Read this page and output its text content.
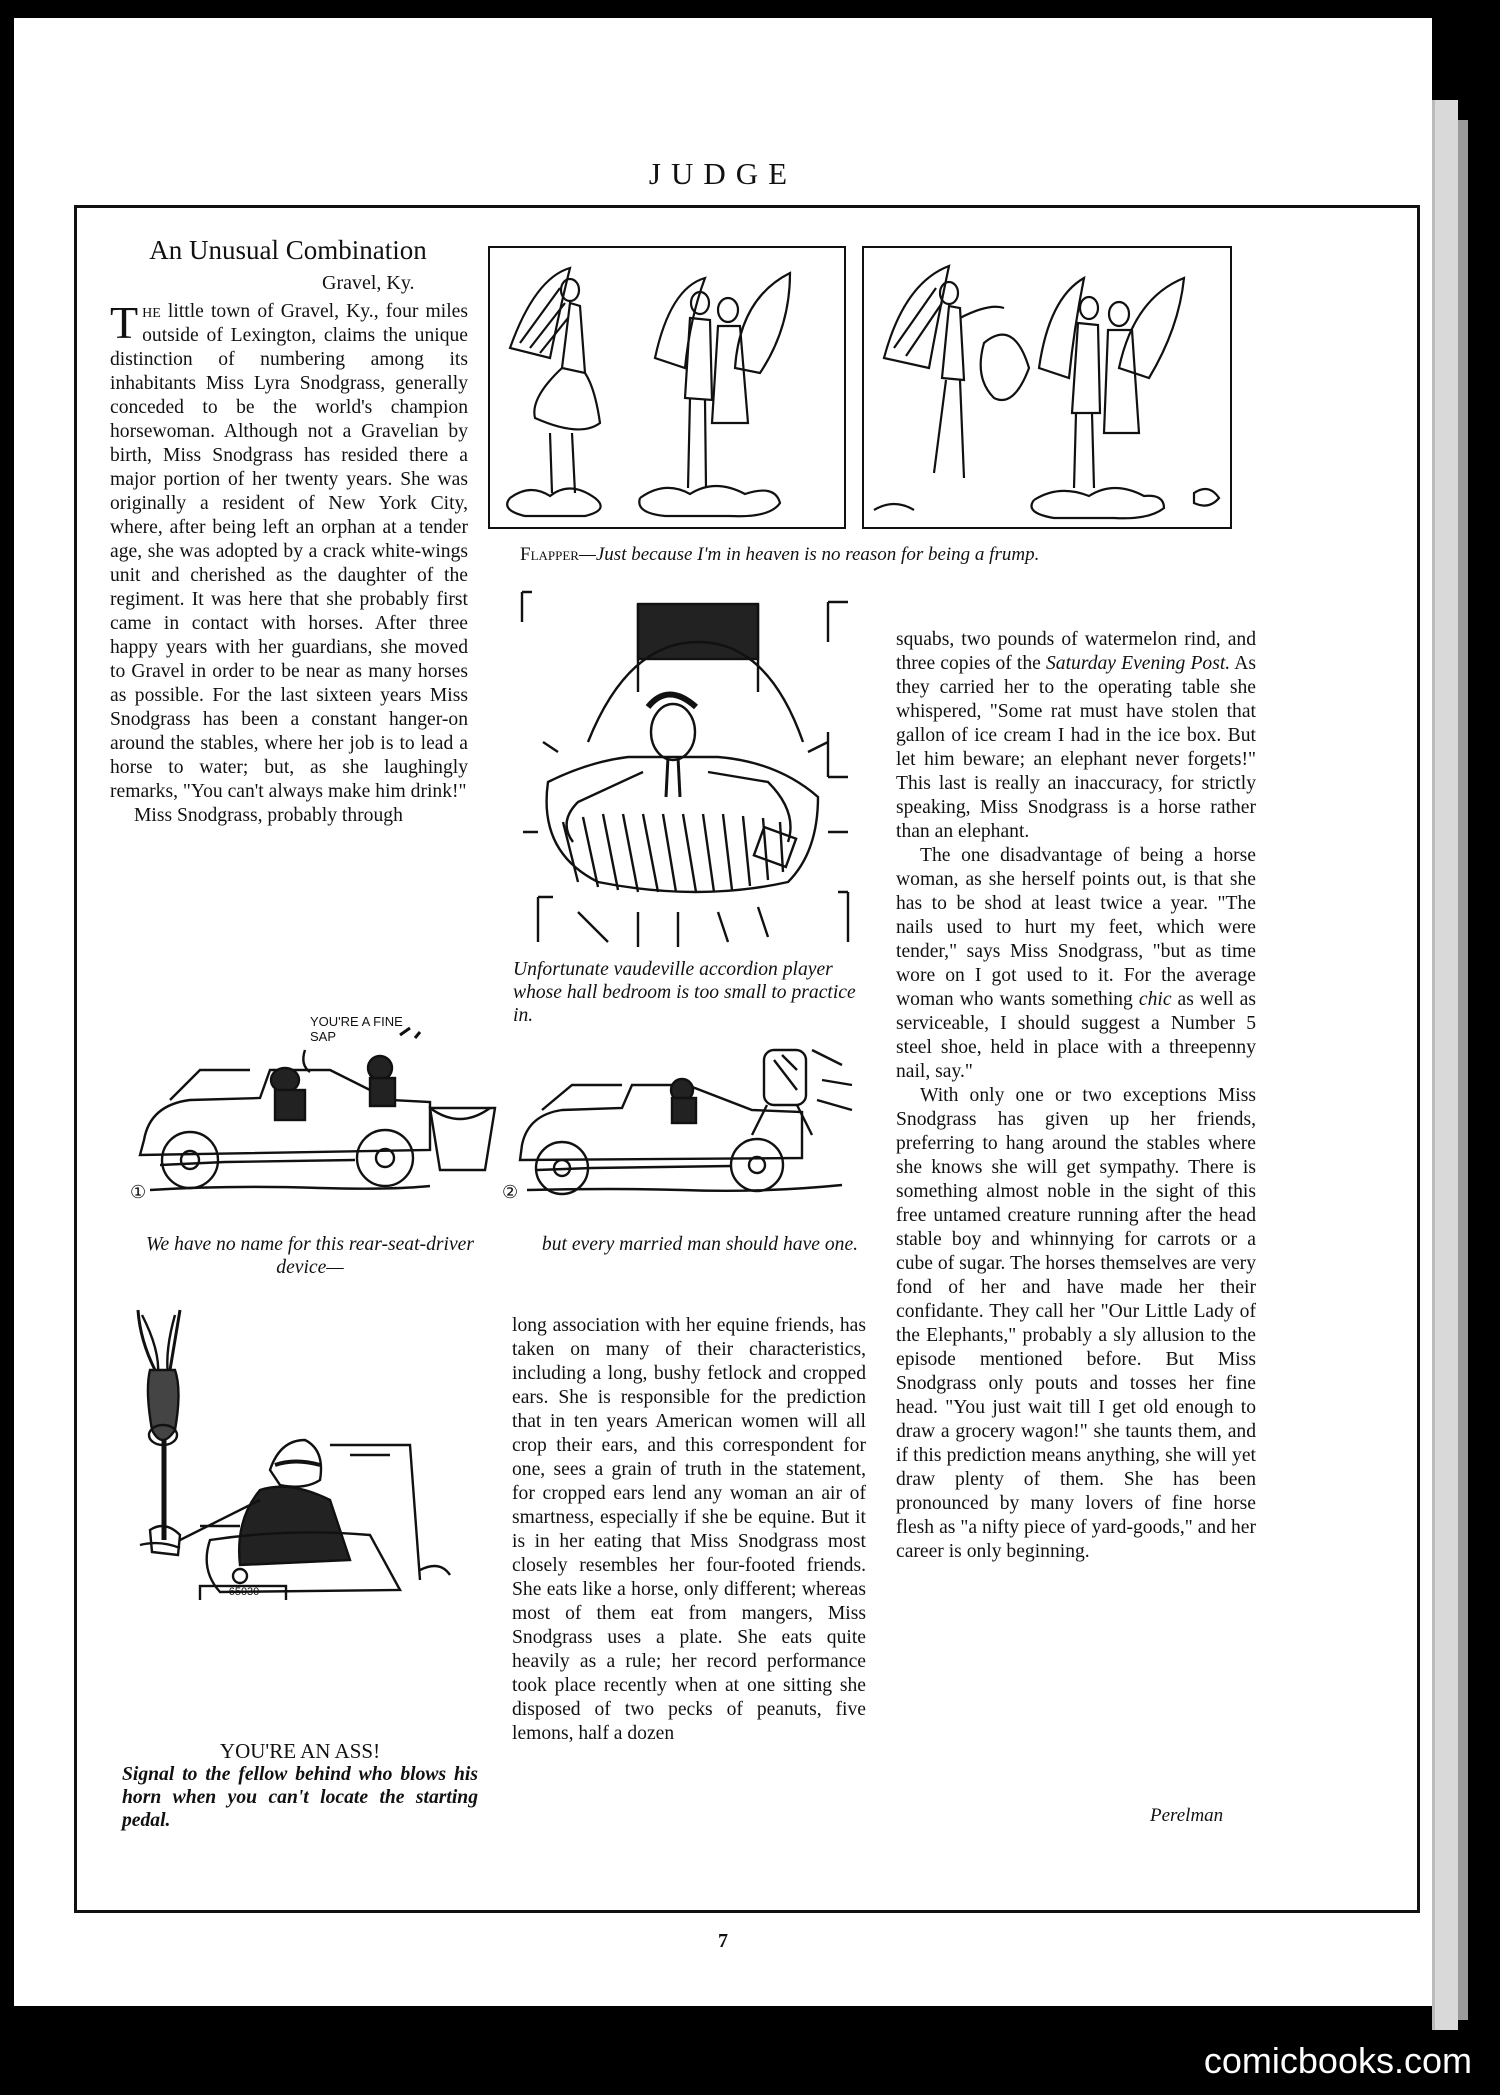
JUDGE
7
An Unusual Combination
Gravel, Ky.

The little town of Gravel, Ky., four miles outside of Lexington, claims the unique distinction of numbering among its inhabitants Miss Lyra Snodgrass, generally conceded to be the world's champion horsewoman. Although not a Gravelian by birth, Miss Snodgrass has resided there a major portion of her twenty years. She was originally a resident of New York City, where, after being left an orphan at a tender age, she was adopted by a crack white-wings unit and cherished as the daughter of the regiment. It was here that she probably first came in contact with horses. After three happy years with her guardians, she moved to Gravel in order to be near as many horses as possible. For the last sixteen years Miss Snodgrass has been a constant hanger-on around the stables, where her job is to lead a horse to water; but, as she laughingly remarks, "You can't always make him drink!"

Miss Snodgrass, probably through

Flapper—Just because I'm in heaven is no reason for being a frump.
Unfortunate vaudeville accordion player whose hall bedroom is too small to practice in.
YOU'RE A FINE SAP
①	②
We have no name for this rear-seat-driver device—
but every married man should have one.
65030
YOU'RE AN ASS!
Signal to the fellow behind who blows his horn when you can't locate the starting pedal.

long association with her equine friends, has taken on many of their characteristics, including a long, bushy fetlock and cropped ears. She is responsible for the prediction that in ten years American women will all crop their ears, and this correspondent for one, sees a grain of truth in the statement, for cropped ears lend any woman an air of smartness, especially if she be equine. But it is in her eating that Miss Snodgrass most closely resembles her four-footed friends. She eats like a horse, only different; whereas most of them eat from mangers, Miss Snodgrass uses a plate. She eats quite heavily as a rule; her record performance took place recently when at one sitting she disposed of two pecks of peanuts, five lemons, half a dozen

squabs, two pounds of watermelon rind, and three copies of the Saturday Evening Post. As they carried her to the operating table she whispered, "Some rat must have stolen that gallon of ice cream I had in the ice box. But let him beware; an elephant never forgets!" This last is really an inaccuracy, for strictly speaking, Miss Snodgrass is a horse rather than an elephant.

The one disadvantage of being a horse woman, as she herself points out, is that she has to be shod at least twice a year. "The nails used to hurt my feet, which were tender," says Miss Snodgrass, "but as time wore on I got used to it. For the average woman who wants something chic as well as serviceable, I should suggest a Number 5 steel shoe, held in place with a threepenny nail, say."

With only one or two exceptions Miss Snodgrass has given up her friends, preferring to hang around the stables where she knows she will get sympathy. There is something almost noble in the sight of this free untamed creature running after the head stable boy and whinnying for carrots or a cube of sugar. The horses themselves are very fond of her and have made her their confidante. They call her "Our Little Lady of the Elephants," probably a sly allusion to the episode mentioned before. But Miss Snodgrass only pouts and tosses her fine head. "You just wait till I get old enough to draw a grocery wagon!" she taunts them, and if this prediction means anything, she will yet draw plenty of them. She has been pronounced by many lovers of fine horse flesh as "a nifty piece of yard-goods," and her career is only beginning.

Perelman
comicbooks.com
